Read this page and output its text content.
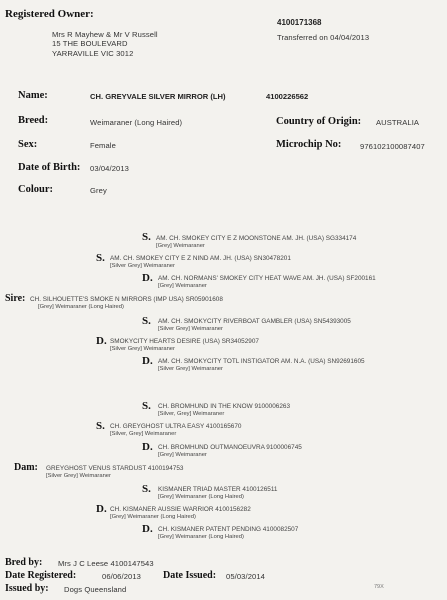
Registered Owner:
Mrs R Mayhew & Mr V Russell
15 THE BOULEVARD
YARRAVILLE VIC 3012
4100171368
Transferred on 04/04/2013
Name:	CH. GREYVALE SILVER MIRROR (LH)	4100226562
Breed:	Weimaraner (Long Haired)	Country of Origin: AUSTRALIA
Sex:	Female	Microchip No: 976102100087407
Date of Birth: 03/04/2013
Colour:	Grey
S. AM. CH. SMOKEY CITY E Z MOONSTONE AM. JH. (USA) SG334174
[Grey] Weimaraner
S. AM. CH. SMOKEY CITY E Z NIND AM. JH. (USA) SN30478201
[Silver Grey] Weimaraner
D. AM. CH. NORMANS' SMOKEY CITY HEAT WAVE AM. JH. (USA) SF200161
[Grey] Weimaraner
Sire: CH. SILHOUETTE'S SMOKE N MIRRORS (IMP USA) SR05901608
[Grey] Weimaraner (Long Haired)
S. AM. CH. SMOKYCITY RIVERBOAT GAMBLER (USA) SN54393005
[Silver Grey] Weimaraner
D. SMOKYCITY HEARTS DESIRE (USA) SR34052907
[Silver Grey] Weimaraner
D. AM. CH. SMOKYCITY TOTL INSTIGATOR AM. N.A. (USA) SN92691605
[Silver Grey] Weimaraner
S. CH. BROMHUND IN THE KNOW 9100006263
[Silver, Grey] Weimaraner
S. CH. GREYGHOST ULTRA EASY 4100165670
[Silver, Grey] Weimaraner
D. CH. BROMHUND OUTMANOEUVRA 9100006745
[Grey] Weimaraner
Dam: GREYGHOST VENUS STARDUST 4100194753
[Silver Grey] Weimaraner
S. KISMANER TRIAD MASTER 4100126511
[Grey] Weimaraner (Long Haired)
D. CH. KISMANER AUSSIE WARRIOR 4100156282
[Grey] Weimaraner (Long Haired)
D. CH. KISMANER PATENT PENDING 4100082507
[Grey] Weimaraner (Long Haired)
Bred by: Mrs J C Leese 4100147543
Date Registered:	06/06/2013 Date Issued: 05/03/2014
Issued by: Dogs Queensland	79X
